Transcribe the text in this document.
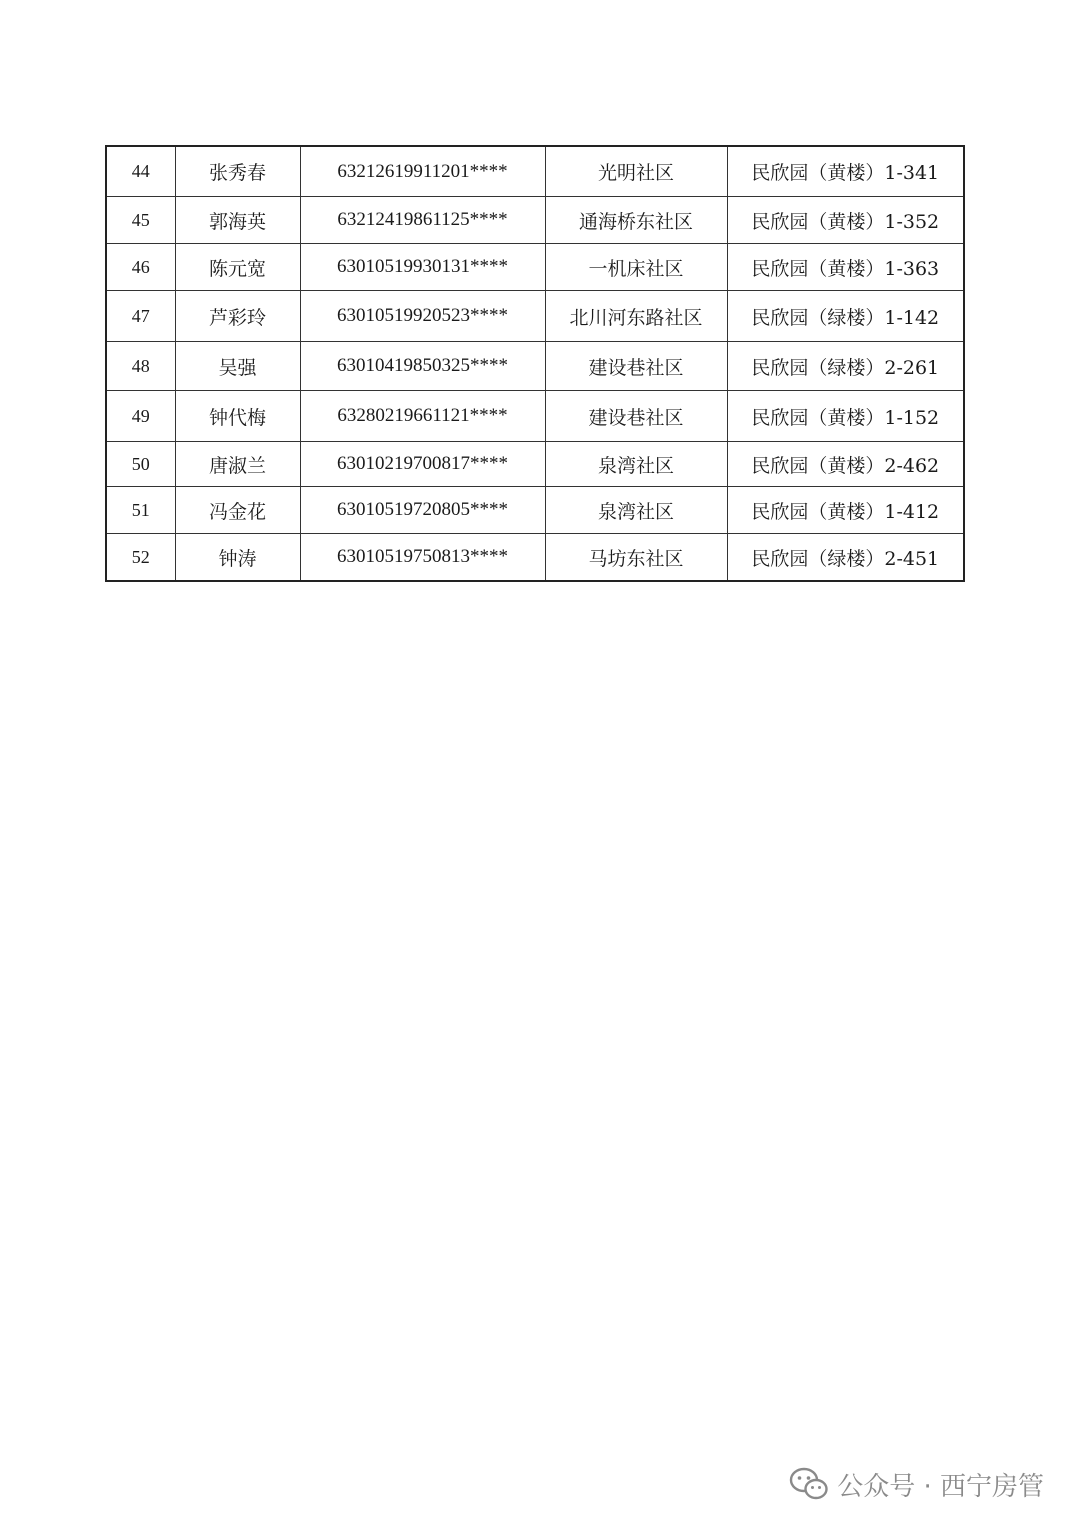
44	张秀春	63212619911201****	光明社区	民欣园（黄楼）1-341
45	郭海英	63212419861125****	通海桥东社区	民欣园（黄楼）1-352
46	陈元宽	63010519930131****	一机床社区	民欣园（黄楼）1-363
47	芦彩玲	63010519920523****	北川河东路社区	民欣园（绿楼）1-142
48	吴强	63010419850325****	建设巷社区	民欣园（绿楼）2-261
49	钟代梅	63280219661121****	建设巷社区	民欣园（黄楼）1-152
50	唐淑兰	63010219700817****	泉湾社区	民欣园（黄楼）2-462
51	冯金花	63010519720805****	泉湾社区	民欣园（黄楼）1-412
52	钟涛	63010519750813****	马坊东社区	民欣园（绿楼）2-451
公众号 · 西宁房管
